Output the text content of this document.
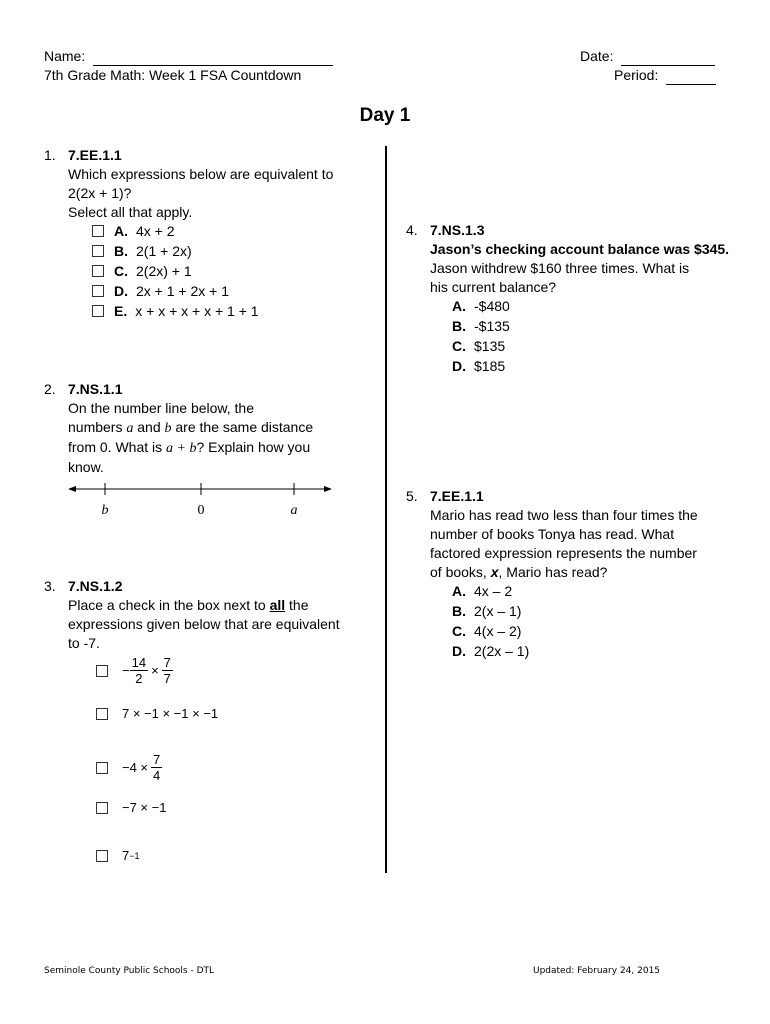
Name:
7th Grade Math: Week 1 FSA Countdown
Date:
Period:
Day 1
1. 7.EE.1.1
Which expressions below are equivalent to
2(2x + 1)?
Select all that apply.
A. 4x + 2
B. 2(1 + 2x)
C. 2(2x) + 1
D. 2x + 1 + 2x + 1
E. x + x + x + x + 1 + 1
2. 7.NS.1.1
On the number line below, the
numbers a and b are the same distance
from 0. What is a + b? Explain how you
know.
b	0	a
3. 7.NS.1.2
Place a check in the box next to all the
expressions given below that are equivalent
to -7.
− $\frac{14}{2} \times \frac{7}{7}$
7 × −1 × −1 × −1
$-4 \times \frac{7}{4}$
−7 × −1
7 −1
4. 7.NS.1.3
Jason’s checking account balance was $345.
Jason withdrew $160 three times. What is
his current balance?
A. -$480
B. -$135
C. $135
D. $185
5. 7.EE.1.1
Mario has read two less than four times the
number of books Tonya has read. What
factored expression represents the number
of books, x, Mario has read?
A. 4x – 2
B. 2(x – 1)
C. 4(x – 2)
D. 2(2x – 1)
Seminole County Public Schools - DTL	Updated: February 24, 2015
